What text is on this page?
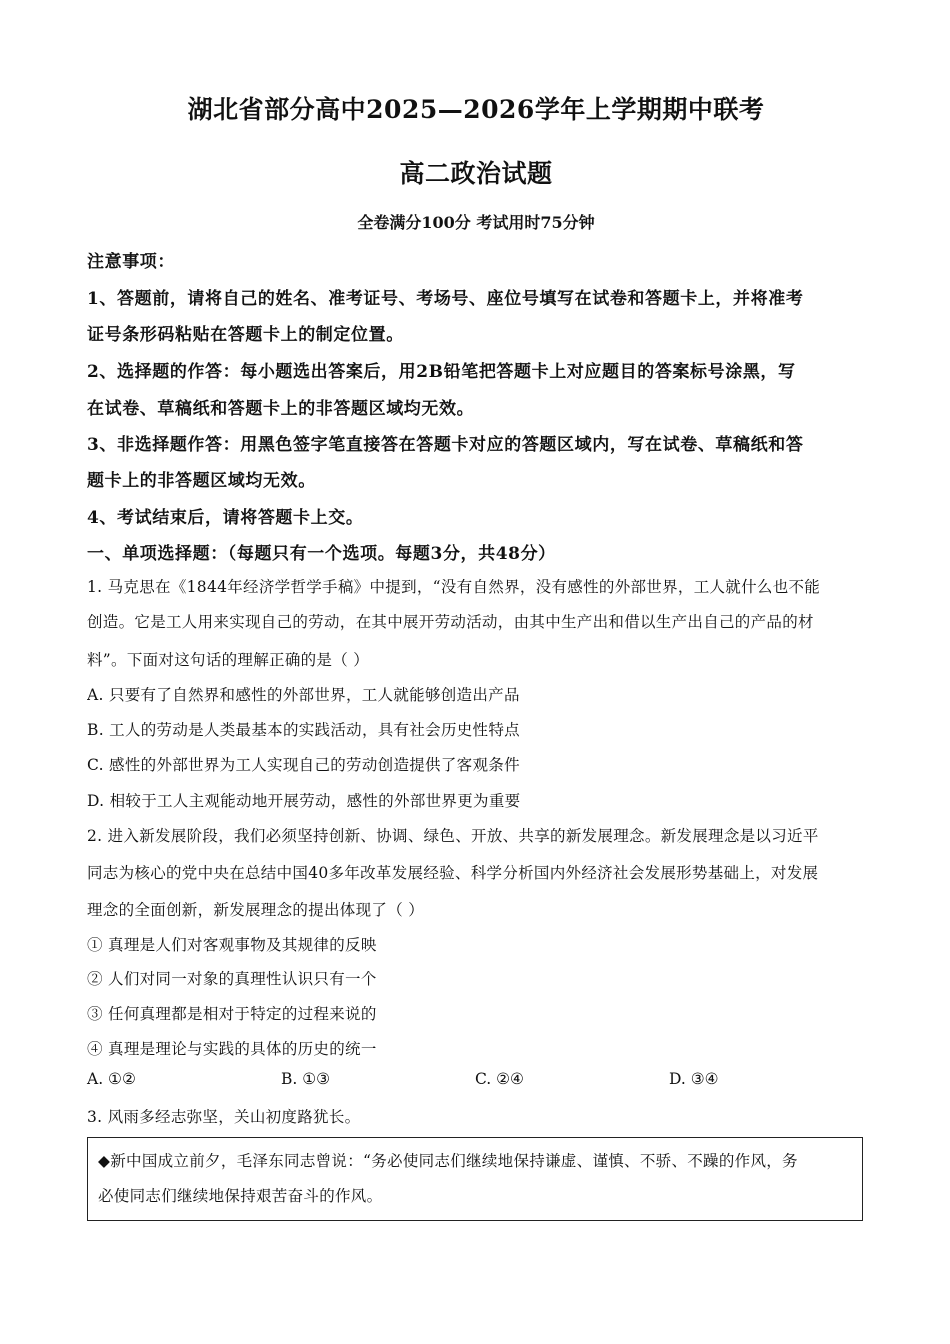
湖北省部分高中2025—2026学年上学期期中联考
高二政治试题
全卷满分100分 考试用时75分钟
注意事项：
1、答题前，请将自己的姓名、准考证号、考场号、座位号填写在试卷和答题卡上，并将准考
证号条形码粘贴在答题卡上的制定位置。
2、选择题的作答：每小题选出答案后，用2B铅笔把答题卡上对应题目的答案标号涂黑，写
在试卷、草稿纸和答题卡上的非答题区域均无效。
3、非选择题作答：用黑色签字笔直接答在答题卡对应的答题区域内，写在试卷、草稿纸和答
题卡上的非答题区域均无效。
4、考试结束后，请将答题卡上交。
一、单项选择题：（每题只有一个选项。每题3分，共48分）
1. 马克思在《1844年经济学哲学手稿》中提到，“没有自然界，没有感性的外部世界，工人就什么也不能
创造。它是工人用来实现自己的劳动，在其中展开劳动活动，由其中生产出和借以生产出自己的产品的材
料”。下面对这句话的理解正确的是（ ）
A. 只要有了自然界和感性的外部世界，工人就能够创造出产品
B. 工人的劳动是人类最基本的实践活动，具有社会历史性特点
C. 感性的外部世界为工人实现自己的劳动创造提供了客观条件
D. 相较于工人主观能动地开展劳动，感性的外部世界更为重要
2. 进入新发展阶段，我们必须坚持创新、协调、绿色、开放、共享的新发展理念。新发展理念是以习近平
同志为核心的党中央在总结中国40多年改革发展经验、科学分析国内外经济社会发展形势基础上，对发展
理念的全面创新，新发展理念的提出体现了（ ）
① 真理是人们对客观事物及其规律的反映
② 人们对同一对象的真理性认识只有一个
③ 任何真理都是相对于特定的过程来说的
④ 真理是理论与实践的具体的历史的统一
A. ①②	B. ①③	C. ②④	D. ③④
3. 风雨多经志弥坚，关山初度路犹长。
◆新中国成立前夕，毛泽东同志曾说：“务必使同志们继续地保持谦虚、谨慎、不骄、不躁的作风，务
必使同志们继续地保持艰苦奋斗的作风。
